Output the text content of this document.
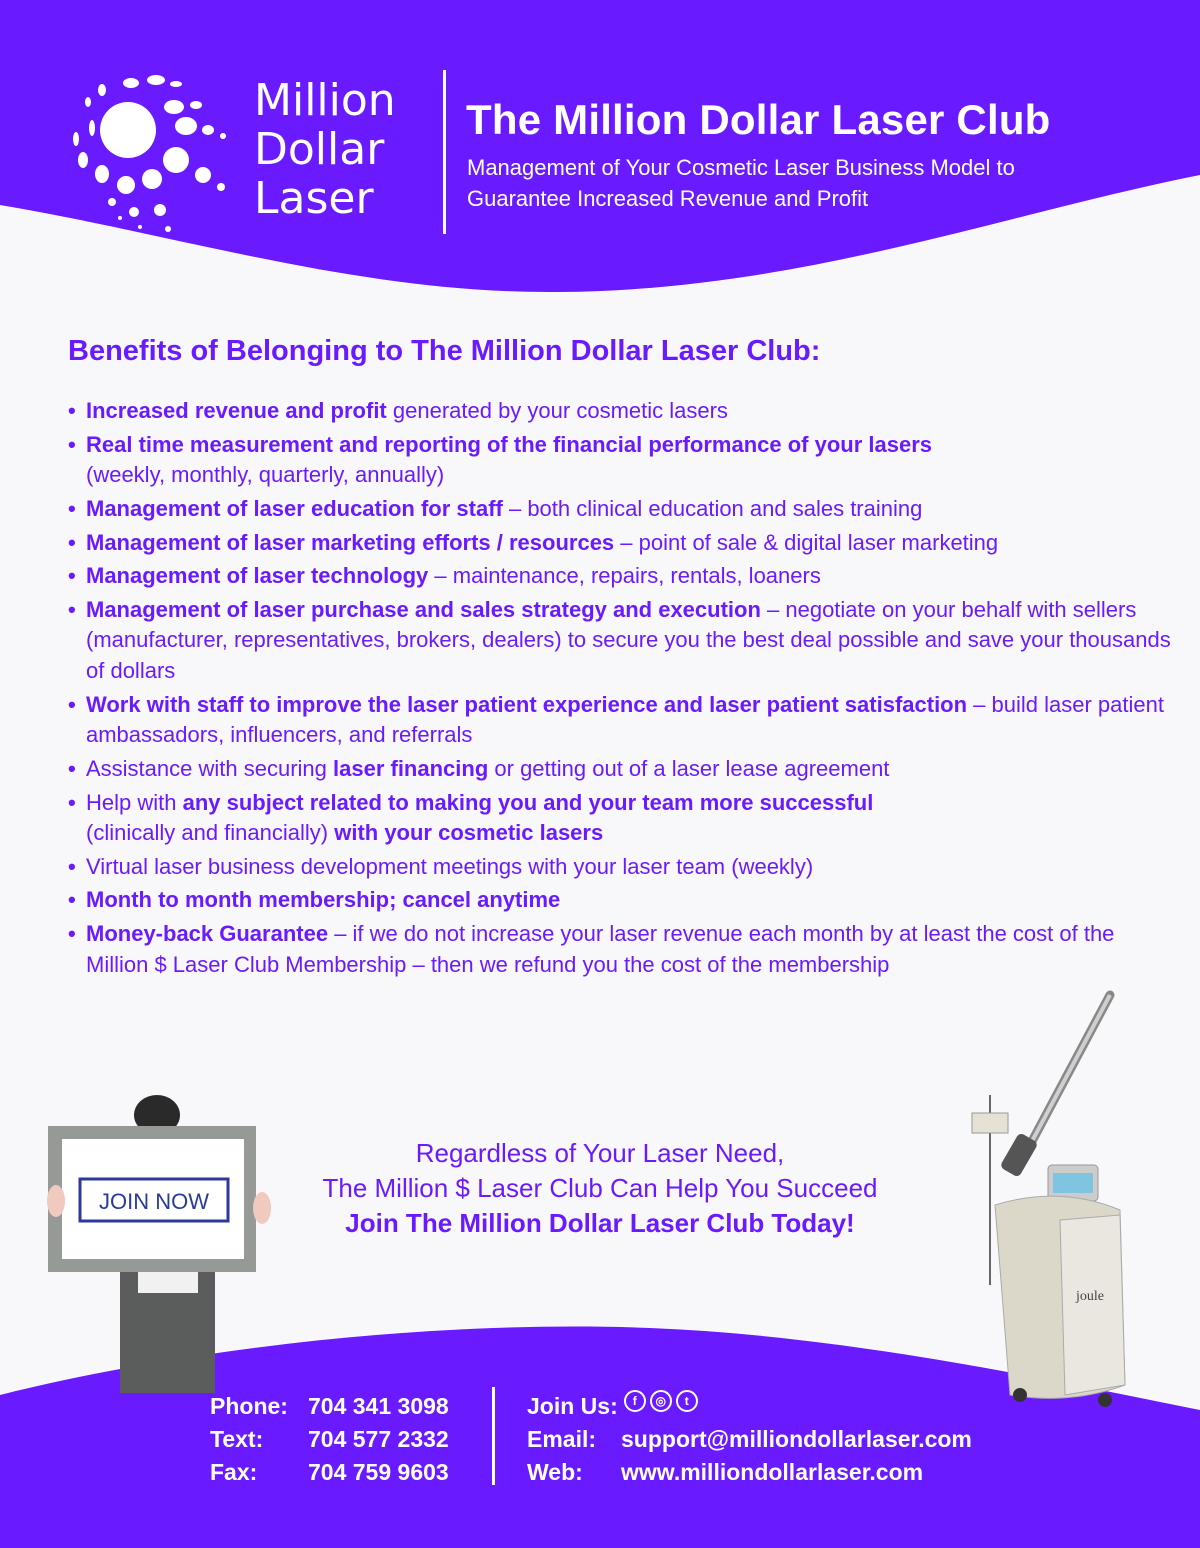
Million
Dollar
Laser
The Million Dollar Laser Club
Management of Your Cosmetic Laser Business Model to
Guarantee Increased Revenue and Profit
Benefits of Belonging to The Million Dollar Laser Club:
• Increased revenue and profit generated by your cosmetic lasers
• Real time measurement and reporting of the financial performance of your lasers
(weekly, monthly, quarterly, annually)
• Management of laser education for staff – both clinical education and sales training
• Management of laser marketing efforts / resources – point of sale & digital laser marketing
• Management of laser technology – maintenance, repairs, rentals, loaners
• Management of laser purchase and sales strategy and execution – negotiate on your behalf with sellers (manufacturer, representatives, brokers, dealers) to secure you the best deal possible and save your thousands of dollars
• Work with staff to improve the laser patient experience and laser patient satisfaction – build laser patient ambassadors, influencers, and referrals
• Assistance with securing laser financing or getting out of a laser lease agreement
• Help with any subject related to making you and your team more successful
(clinically and financially) with your cosmetic lasers
• Virtual laser business development meetings with your laser team (weekly)
• Month to month membership; cancel anytime
• Money-back Guarantee – if we do not increase your laser revenue each month by at least the cost of the Million $ Laser Club Membership – then we refund you the cost of the membership
JOIN NOW
Regardless of Your Laser Need,
The Million $ Laser Club Can Help You Succeed
Join The Million Dollar Laser Club Today!
joule
Phone: 704 341 3098
Text:	704 577 2332
Fax:	704 759 9603
Join Us:	f	◎	t
Email:	support@milliondollarlaser.com
Web:	www.milliondollarlaser.com
